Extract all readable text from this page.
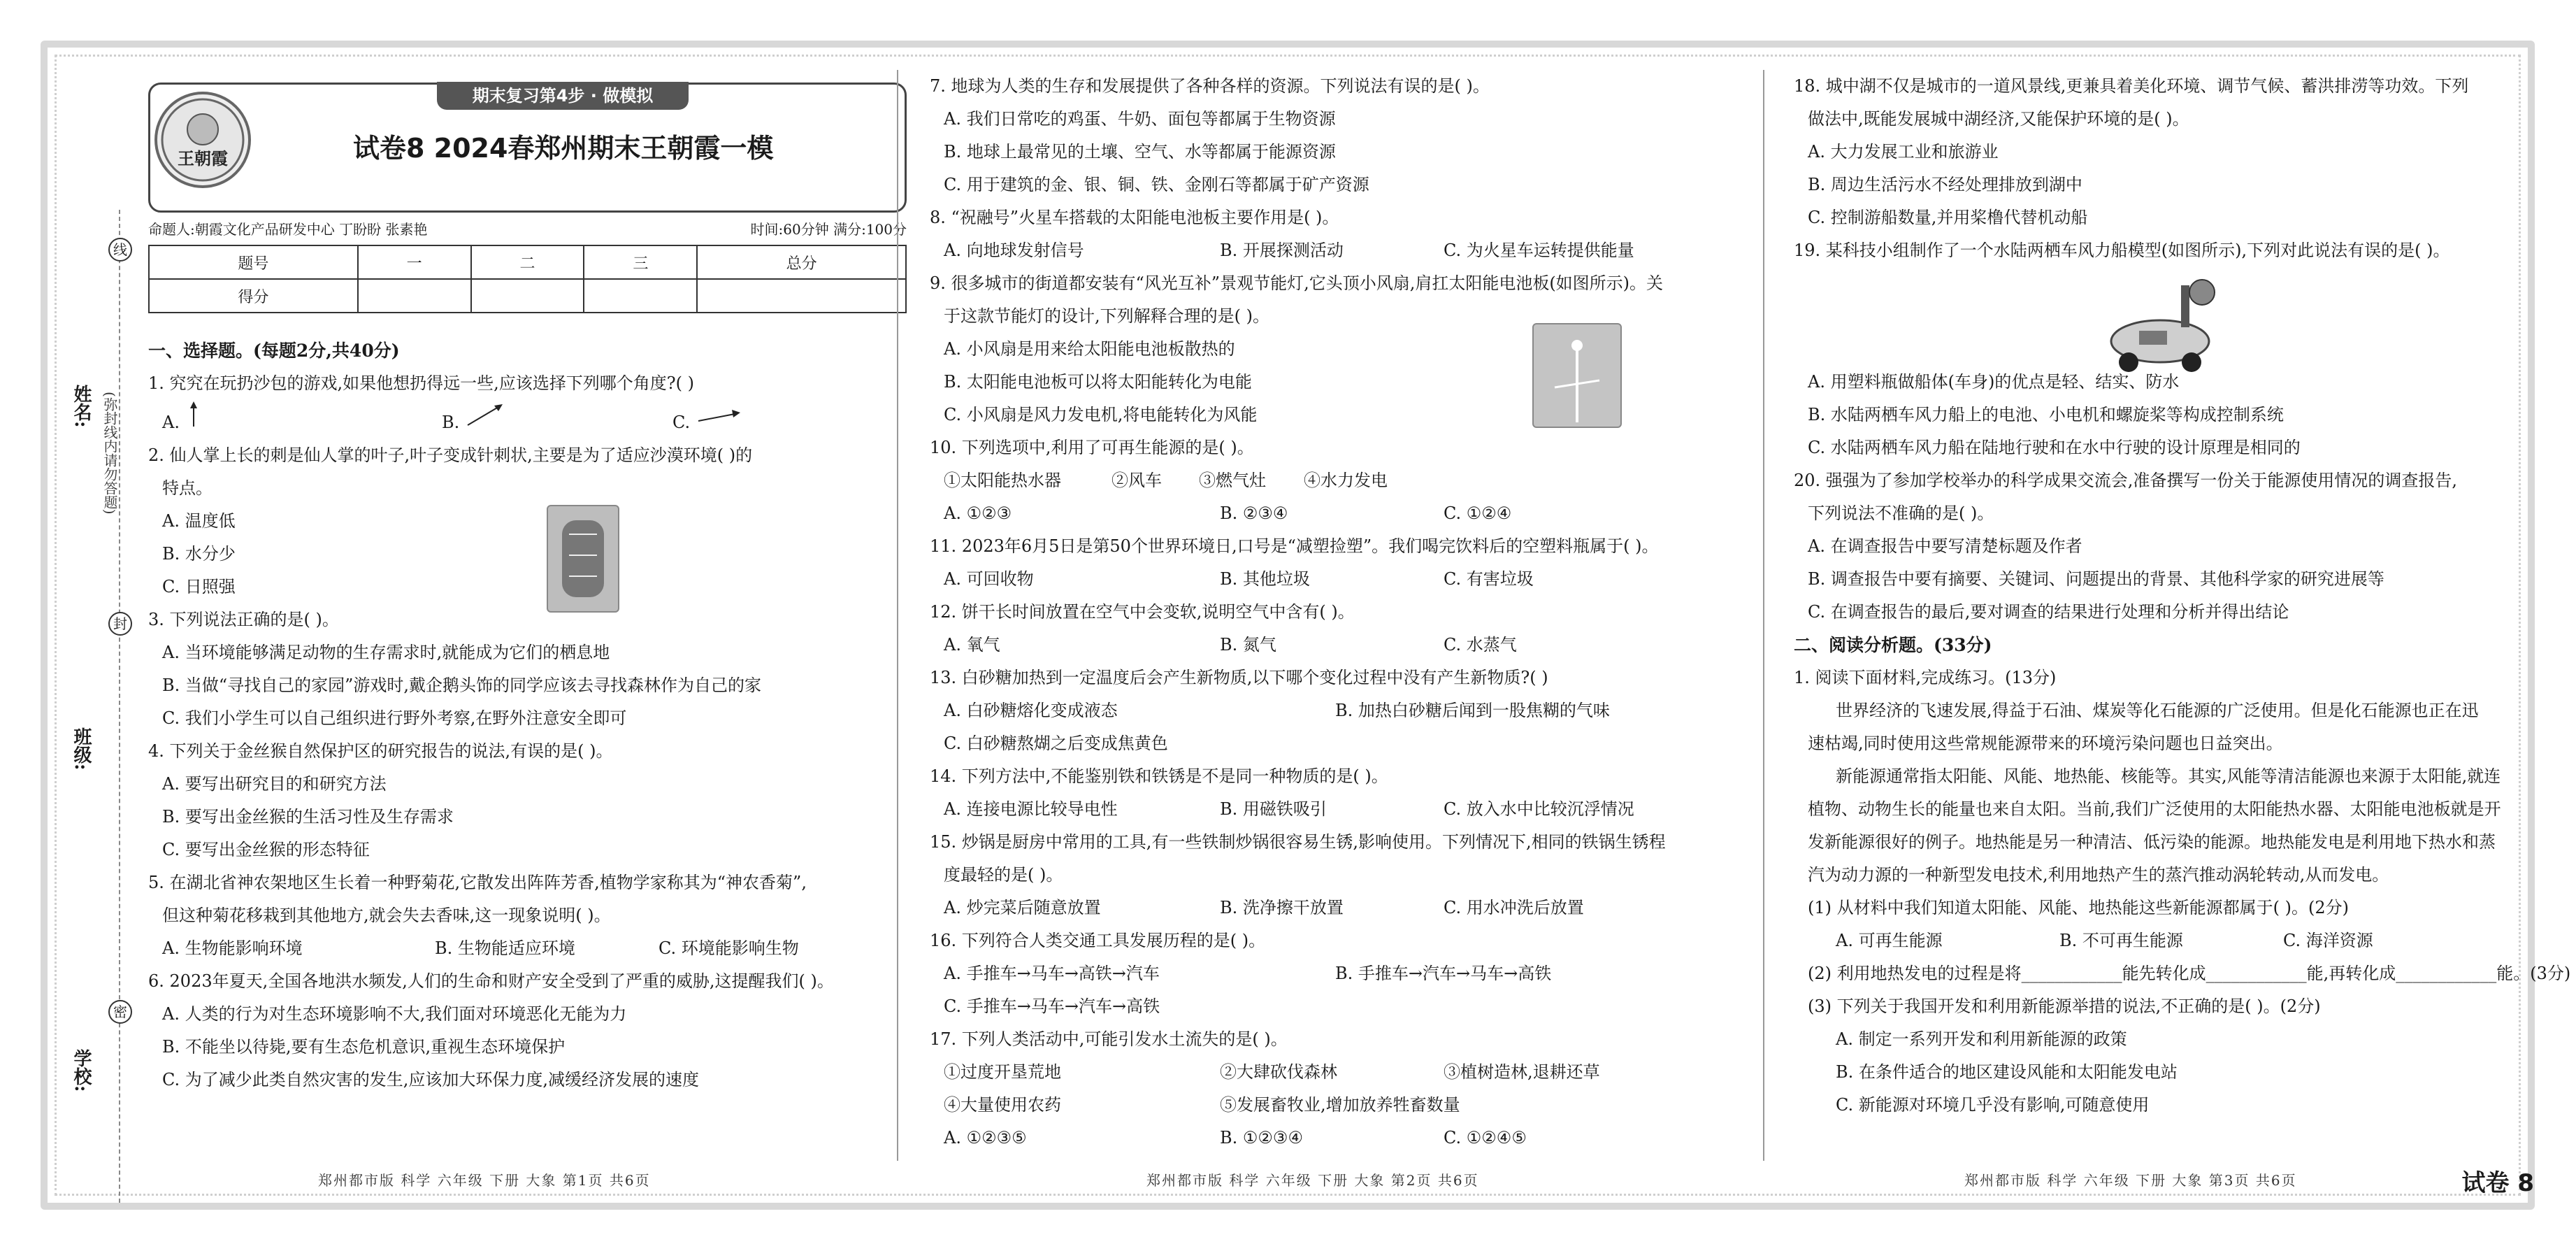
线
封
密
(弥封线内请勿答题)
姓名:
班级:
学校:
期末复习第4步 · 做模拟
王朝霞	试卷8 2024春郑州期末王朝霞一模
命题人:朝霞文化产品研发中心 丁盼盼 张素艳	时间:60分钟 满分:100分
题号	一	二	三	总分
得分				

一、选择题。(每题2分,共40分)

1. 究究在玩扔沙包的游戏,如果他想扔得远一些,应该选择下列哪个角度?( )

A.	B.	C.

2. 仙人掌上长的刺是仙人掌的叶子,叶子变成针刺状,主要是为了适应沙漠环境( )的

特点。

A. 温度低

B. 水分少

C. 日照强

3. 下列说法正确的是( )。

A. 当环境能够满足动物的生存需求时,就能成为它们的栖息地

B. 当做“寻找自己的家园”游戏时,戴企鹅头饰的同学应该去寻找森林作为自己的家

C. 我们小学生可以自己组织进行野外考察,在野外注意安全即可

4. 下列关于金丝猴自然保护区的研究报告的说法,有误的是( )。

A. 要写出研究目的和研究方法

B. 要写出金丝猴的生活习性及生存需求

C. 要写出金丝猴的形态特征

5. 在湖北省神农架地区生长着一种野菊花,它散发出阵阵芳香,植物学家称其为“神农香菊”,

但这种菊花移栽到其他地方,就会失去香味,这一现象说明( )。

A. 生物能影响环境	B. 生物能适应环境	C. 环境能影响生物

6. 2023年夏天,全国各地洪水频发,人们的生命和财产安全受到了严重的威胁,这提醒我们( )。

A. 人类的行为对生态环境影响不大,我们面对环境恶化无能为力

B. 不能坐以待毙,要有生态危机意识,重视生态环境保护

C. 为了减少此类自然灾害的发生,应该加大环保力度,减缓经济发展的速度

郑州都市版 科学 六年级 下册 大象 第1页 共6页

7. 地球为人类的生存和发展提供了各种各样的资源。下列说法有误的是( )。

A. 我们日常吃的鸡蛋、牛奶、面包等都属于生物资源

B. 地球上最常见的土壤、空气、水等都属于能源资源

C. 用于建筑的金、银、铜、铁、金刚石等都属于矿产资源

8. “祝融号”火星车搭载的太阳能电池板主要作用是( )。

A. 向地球发射信号	B. 开展探测活动	C. 为火星车运转提供能量

9. 很多城市的街道都安装有“风光互补”景观节能灯,它头顶小风扇,肩扛太阳能电池板(如图所示)。关

于这款节能灯的设计,下列解释合理的是( )。

A. 小风扇是用来给太阳能电池板散热的

B. 太阳能电池板可以将太阳能转化为电能

C. 小风扇是风力发电机,将电能转化为风能

10. 下列选项中,利用了可再生能源的是( )。

①太阳能热水器	②风车	③燃气灶	④水力发电

A. ①②③	B. ②③④	C. ①②④

11. 2023年6月5日是第50个世界环境日,口号是“减塑捡塑”。我们喝完饮料后的空塑料瓶属于( )。

A. 可回收物	B. 其他垃圾	C. 有害垃圾

12. 饼干长时间放置在空气中会变软,说明空气中含有( )。

A. 氧气	B. 氮气	C. 水蒸气

13. 白砂糖加热到一定温度后会产生新物质,以下哪个变化过程中没有产生新物质?( )

A. 白砂糖熔化变成液态	B. 加热白砂糖后闻到一股焦糊的气味

C. 白砂糖熬煳之后变成焦黄色

14. 下列方法中,不能鉴别铁和铁锈是不是同一种物质的是( )。

A. 连接电源比较导电性	B. 用磁铁吸引	C. 放入水中比较沉浮情况

15. 炒锅是厨房中常用的工具,有一些铁制炒锅很容易生锈,影响使用。下列情况下,相同的铁锅生锈程

度最轻的是( )。

A. 炒完菜后随意放置	B. 洗净擦干放置	C. 用水冲洗后放置

16. 下列符合人类交通工具发展历程的是( )。

A. 手推车→马车→高铁→汽车	B. 手推车→汽车→马车→高铁

C. 手推车→马车→汽车→高铁

17. 下列人类活动中,可能引发水土流失的是( )。

①过度开垦荒地	②大肆砍伐森林	③植树造林,退耕还草

④大量使用农药	⑤发展畜牧业,增加放养牲畜数量

A. ①②③⑤	B. ①②③④	C. ①②④⑤

郑州都市版 科学 六年级 下册 大象 第2页 共6页

18. 城中湖不仅是城市的一道风景线,更兼具着美化环境、调节气候、蓄洪排涝等功效。下列

做法中,既能发展城中湖经济,又能保护环境的是( )。

A. 大力发展工业和旅游业

B. 周边生活污水不经处理排放到湖中

C. 控制游船数量,并用桨橹代替机动船

19. 某科技小组制作了一个水陆两栖车风力船模型(如图所示),下列对此说法有误的是( )。

A. 用塑料瓶做船体(车身)的优点是轻、结实、防水

B. 水陆两栖车风力船上的电池、小电机和螺旋桨等构成控制系统

C. 水陆两栖车风力船在陆地行驶和在水中行驶的设计原理是相同的

20. 强强为了参加学校举办的科学成果交流会,准备撰写一份关于能源使用情况的调查报告,

下列说法不准确的是( )。

A. 在调查报告中要写清楚标题及作者

B. 调查报告中要有摘要、关键词、问题提出的背景、其他科学家的研究进展等

C. 在调查报告的最后,要对调查的结果进行处理和分析并得出结论

二、阅读分析题。(33分)

1. 阅读下面材料,完成练习。(13分)

世界经济的飞速发展,得益于石油、煤炭等化石能源的广泛使用。但是化石能源也正在迅

速枯竭,同时使用这些常规能源带来的环境污染问题也日益突出。

新能源通常指太阳能、风能、地热能、核能等。其实,风能等清洁能源也来源于太阳能,就连

植物、动物生长的能量也来自太阳。当前,我们广泛使用的太阳能热水器、太阳能电池板就是开

发新能源很好的例子。地热能是另一种清洁、低污染的能源。地热能发电是利用地下热水和蒸

汽为动力源的一种新型发电技术,利用地热产生的蒸汽推动涡轮转动,从而发电。

(1) 从材料中我们知道太阳能、风能、地热能这些新能源都属于( )。(2分)

A. 可再生能源	B. 不可再生能源	C. 海洋资源

(2) 利用地热发电的过程是将____________能先转化成____________能,再转化成____________能。(3分)

(3) 下列关于我国开发和利用新能源举措的说法,不正确的是( )。(2分)

A. 制定一系列开发和利用新能源的政策

B. 在条件适合的地区建设风能和太阳能发电站

C. 新能源对环境几乎没有影响,可随意使用

郑州都市版 科学 六年级 下册 大象 第3页 共6页	试卷 8
